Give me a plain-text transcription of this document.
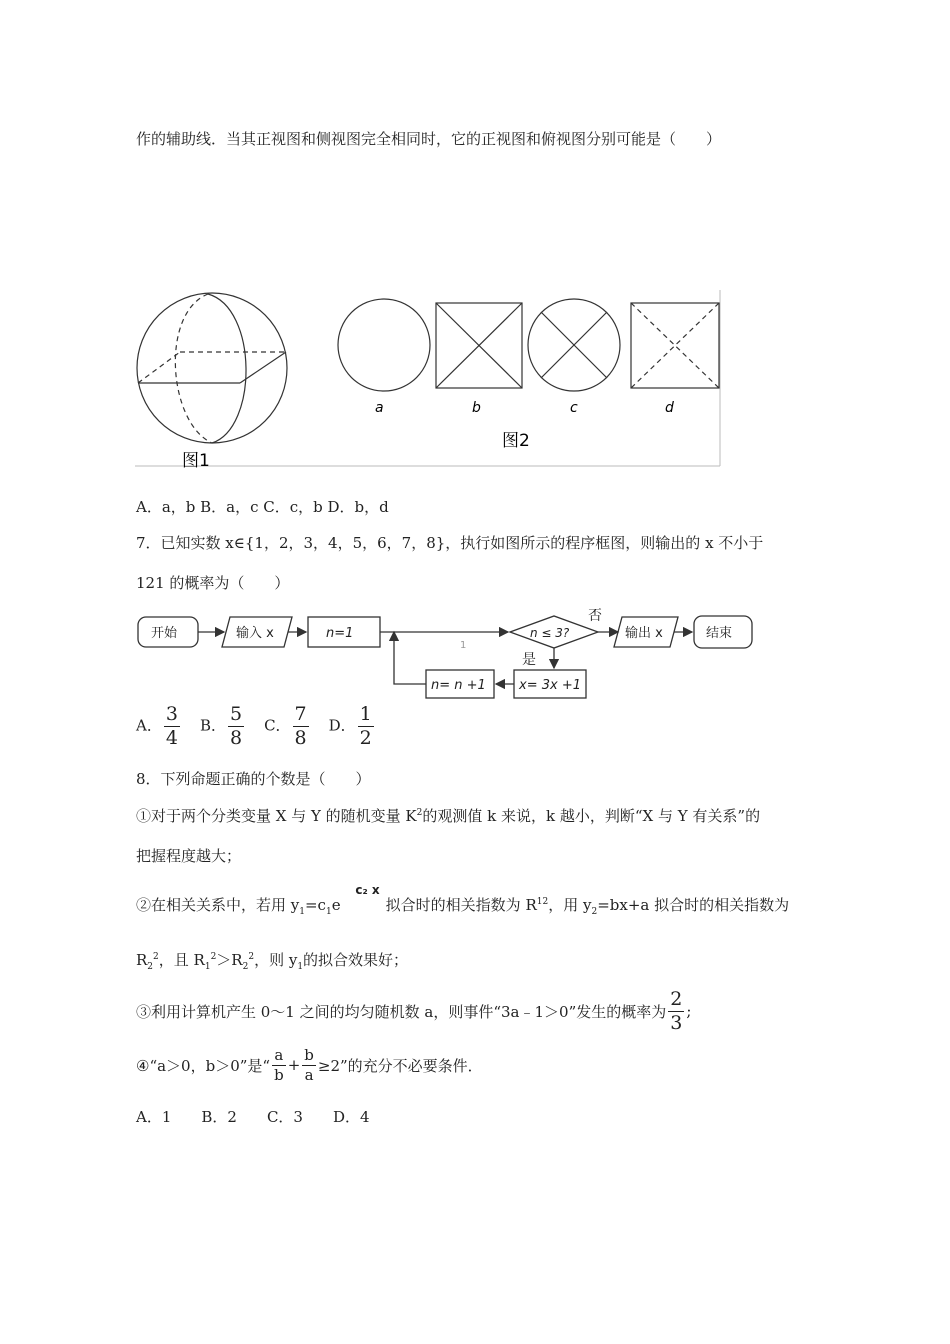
作的辅助线．当其正视图和侧视图完全相同时，它的正视图和俯视图分别可能是（　　）
图1
a	b	c	d
图2
A．a，b B．a，c C．c，b D．b，d
7．已知实数 x∈{1，2，3，4，5，6，7，8}，执行如图所示的程序框图，则输出的 x 不小于
121 的概率为（　　）
开始	输入 x	n=1
1
n ≤ 3?
否
是
输出 x	结束
x= 3x +1
n= n +1
A． $\frac{3}{4}$ B． $\frac{5}{8}$ C． $\frac{7}{8}$ D． $\frac{1}{2}$
8．下列命题正确的个数是（　　）
①对于两个分类变量 X 与 Y 的随机变量 $K^2$的观测值 k 来说，k 越小，判断“X 与 Y 有关系”的
把握程度越大；
②在相关关系中，若用 $y_1=c_1e$ c₂ x拟合时的相关指数为 $R^{12}$，用 $y_2=bx+a$ 拟合时的相关指数为
$R_2^2$，且 $R_1^2>R_2^2$，则 $y_1$的拟合效果好；
③利用计算机产生 0～1 之间的均匀随机数 a，则事件“3a﹣1＞0”发生的概率为 $\frac{2}{3}$ ;
④“a＞0，b＞0”是“ $\frac{a}{b} + \frac{b}{a} \ge 2$”的充分不必要条件．
A．1　　B．2　　C．3　　D．4
